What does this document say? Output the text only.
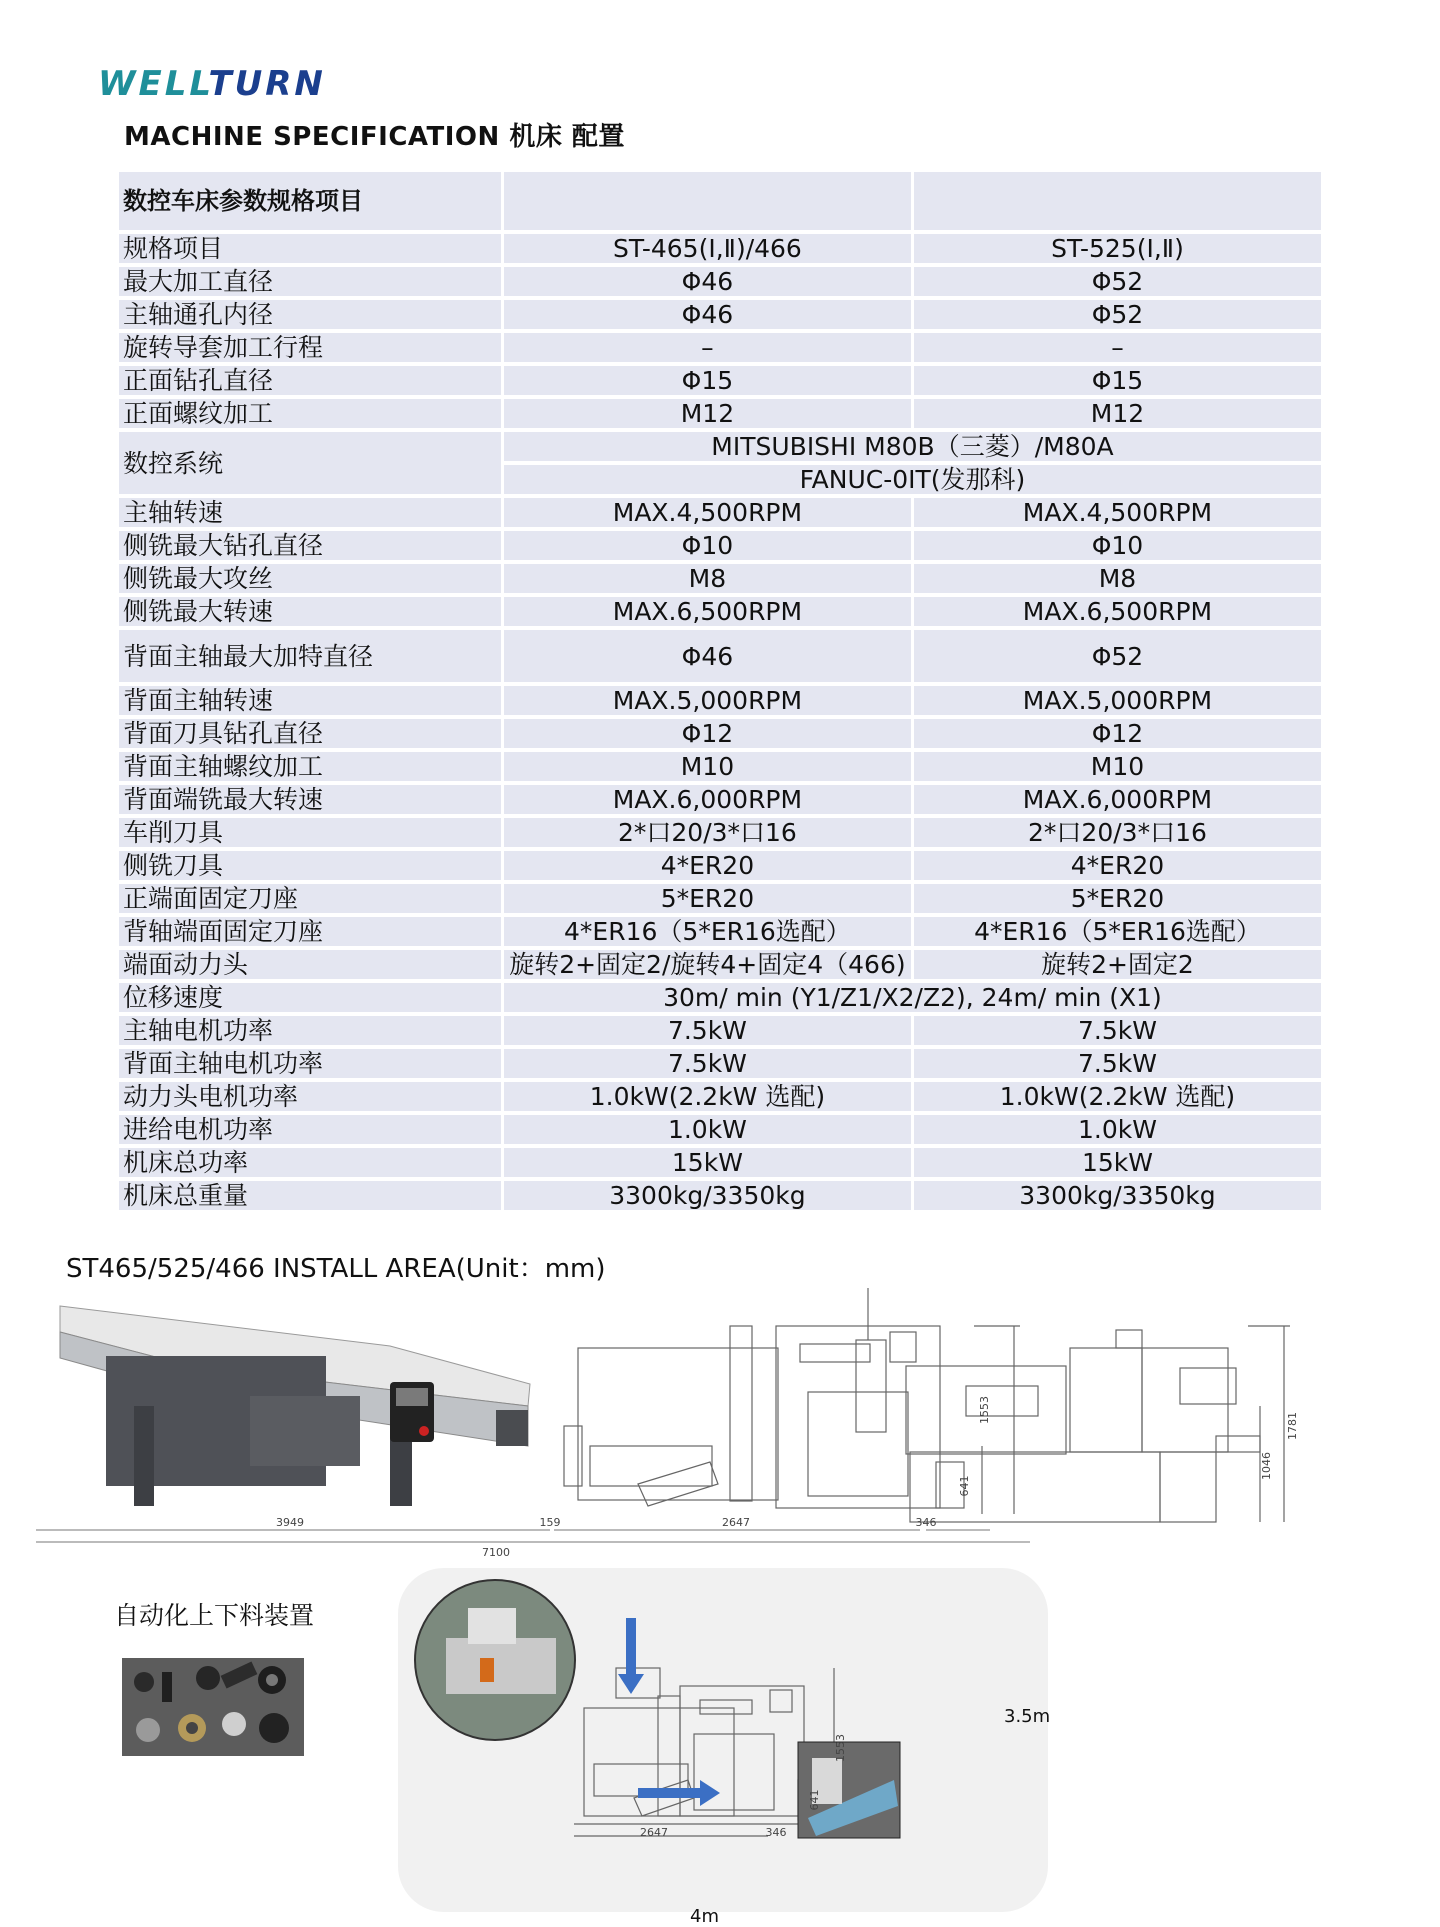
WELLTURN
MACHINE SPECIFICATION 机床 配置
数控车床参数规格项目		
规格项目	ST-465(Ⅰ,Ⅱ)/466	ST-525(Ⅰ,Ⅱ)
最大加工直径	Φ46	Φ52
主轴通孔内径	Φ46	Φ52
旋转导套加工行程	–	–
正面钻孔直径	Φ15	Φ15
正面螺纹加工	M12	M12
数控系统	MITSUBISHI M80B（三菱）/M80A	
	FANUC-0IT(发那科)	
主轴转速	MAX.4,500RPM	MAX.4,500RPM
侧铣最大钻孔直径	Φ10	Φ10
侧铣最大攻丝	M8	M8
侧铣最大转速	MAX.6,500RPM	MAX.6,500RPM
背面主轴最大加特直径	Φ46	Φ52
背面主轴转速	MAX.5,000RPM	MAX.5,000RPM
背面刀具钻孔直径	Φ12	Φ12
背面主轴螺纹加工	M10	M10
背面端铣最大转速	MAX.6,000RPM	MAX.6,000RPM
车削刀具	2*口20/3*口16	2*口20/3*口16
侧铣刀具	4*ER20	4*ER20
正端面固定刀座	5*ER20	5*ER20
背轴端面固定刀座	4*ER16（5*ER16选配）	4*ER16（5*ER16选配）
端面动力头	旋转2+固定2/旋转4+固定4（466)	旋转2+固定2
位移速度	30m/ min (Y1/Z1/X2/Z2), 24m/ min (X1)	
主轴电机功率	7.5kW	7.5kW
背面主轴电机功率	7.5kW	7.5kW
动力头电机功率	1.0kW(2.2kW 选配)	1.0kW(2.2kW 选配)
进给电机功率	1.0kW	1.0kW
机床总功率	15kW	15kW
机床总重量	3300kg/3350kg	3300kg/3350kg
ST465/525/466 INSTALL AREA(Unit：mm)
3949
7100
159	2647	346
1553
641
1781
1046
自动化上下料装置
2647	346
1553
641
3.5m
4m
